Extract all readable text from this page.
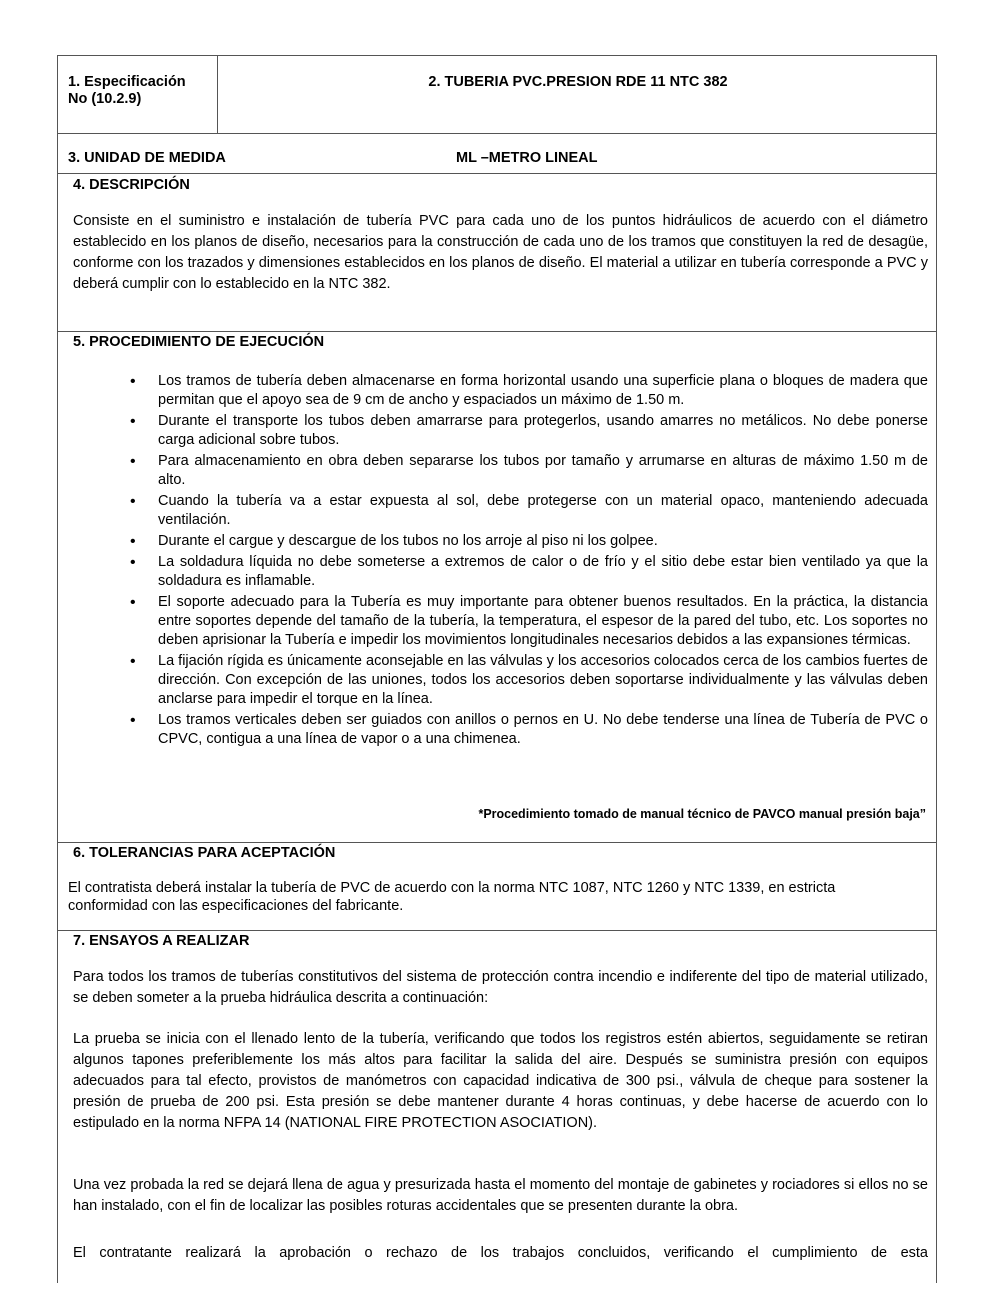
1. Especificación
No (10.2.9)
2. TUBERIA PVC.PRESION RDE 11 NTC 382
3. UNIDAD DE MEDIDA	ML –METRO LINEAL
4. DESCRIPCIÓN
Consiste en el suministro e instalación de tubería PVC para cada uno de los puntos hidráulicos de acuerdo con el diámetro establecido en los planos de diseño, necesarios para la construcción de cada uno de los tramos que constituyen la red de desagüe, conforme con los trazados y dimensiones establecidos en los planos de diseño. El material a utilizar en tubería corresponde a PVC y deberá cumplir con lo establecido en la NTC 382.
5. PROCEDIMIENTO DE EJECUCIÓN
• Los tramos de tubería deben almacenarse en forma horizontal usando una superficie plana o bloques de madera que permitan que el apoyo sea de 9 cm de ancho y espaciados un máximo de 1.50 m.
• Durante el transporte los tubos deben amarrarse para protegerlos, usando amarres no metálicos. No debe ponerse carga adicional sobre tubos.
• Para almacenamiento en obra deben separarse los tubos por tamaño y arrumarse en alturas de máximo 1.50 m de alto.
• Cuando la tubería va a estar expuesta al sol, debe protegerse con un material opaco, manteniendo adecuada ventilación.
• Durante el cargue y descargue de los tubos no los arroje al piso ni los golpee.
• La soldadura líquida no debe someterse a extremos de calor o de frío y el sitio debe estar bien ventilado ya que la soldadura es inflamable.
• El soporte adecuado para la Tubería es muy importante para obtener buenos resultados. En la práctica, la distancia entre soportes depende del tamaño de la tubería, la temperatura, el espesor de la pared del tubo, etc. Los soportes no deben aprisionar la Tubería e impedir los movimientos longitudinales necesarios debidos a las expansiones térmicas.
• La fijación rígida es únicamente aconsejable en las válvulas y los accesorios colocados cerca de los cambios fuertes de dirección. Con excepción de las uniones, todos los accesorios deben soportarse individualmente y las válvulas deben anclarse para impedir el torque en la línea.
• Los tramos verticales deben ser guiados con anillos o pernos en U. No debe tenderse una línea de Tubería de PVC o CPVC, contigua a una línea de vapor o a una chimenea.
*Procedimiento tomado de manual técnico de PAVCO manual presión baja”
6. TOLERANCIAS PARA ACEPTACIÓN
El contratista deberá instalar la tubería de PVC de acuerdo con la norma NTC 1087, NTC 1260 y NTC 1339, en estricta conformidad con las especificaciones del fabricante.
7. ENSAYOS A REALIZAR
Para todos los tramos de tuberías constitutivos del sistema de protección contra incendio e indiferente del tipo de material utilizado, se deben someter a la prueba hidráulica descrita a continuación:
La prueba se inicia con el llenado lento de la tubería, verificando que todos los registros estén abiertos, seguidamente se retiran algunos tapones preferiblemente los más altos para facilitar la salida del aire. Después se suministra presión con equipos adecuados para tal efecto, provistos de manómetros con capacidad indicativa de 300 psi., válvula de cheque para sostener la presión de prueba de 200 psi. Esta presión se debe mantener durante 4 horas continuas, y debe hacerse de acuerdo con lo estipulado en la norma NFPA 14 (NATIONAL FIRE PROTECTION ASOCIATION).
Una vez probada la red se dejará llena de agua y presurizada hasta el momento del montaje de gabinetes y rociadores si ellos no se han instalado, con el fin de localizar las posibles roturas accidentales que se presenten durante la obra.
El contratante realizará la aprobación o rechazo de los trabajos concluidos, verificando el cumplimiento de esta
